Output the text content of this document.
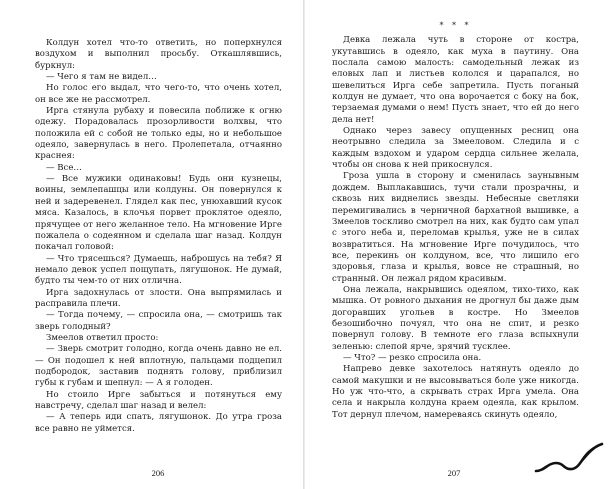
Колдун хотел что-то ответить, но поперхнулся воздухом и выполнил просьбу. Откашлявшись, буркнул:

— Чего я там не видел…

Но голос его выдал, что чего-то, что очень хотел, он все же не рассмотрел.

Ирга стянула рубаху и повесила поближе к огню одежу. Порадовалась прозорливости волхвы, что положила ей с собой не только еды, но и небольшое одеяло, завернулась в него. Пролепетала, отчаянно краснея:

— Все…

— Все мужики одинаковы! Будь они кузнецы, воины, землепашцы или колдуны. Он повернулся к ней и задеревенел. Глядел как пес, унюхавший кусок мяса. Казалось, в клочья порвет проклятое одеяло, прячущее от него желанное тело. На мгновение Ирге пожалела о содеянном и сделала шаг назад. Колдун покачал головой:

— Что трясешься? Думаешь, наброшусь на тебя? Я немало девок успел пощупать, лягушонок. Не думай, будто ты чем-то от них отлична.

Ирга задохнулась от злости. Она выпрямилась и расправила плечи.

— Тогда почему, — спросила она, — смотришь так зверь голодный?

Змеелов ответил просто:

— Зверь смотрит голодно, когда очень давно не ел. — Он подошел к ней вплотную, пальцами подцепил подбородок, заставив поднять голову, приблизил губы к губам и шепнул: — А я голоден.

Но стоило Ирге забыться и потянуться ему навстречу, сделал шаг назад и велел:

— А теперь иди спать, лягушонок. До утра гроза все равно не уймется.

* * *

Девка лежала чуть в стороне от костра, укутавшись в одеяло, как муха в паутину. Она послала самою малость: самодельный лежак из еловых лап и листьев кололся и царапался, но шевелиться Ирга себе запретила. Пусть поганый колдун не думает, что она ворочается с боку на бок, терзаемая думами о нем! Пусть знает, что ей до него дела нет!

Однако через завесу опущенных ресниц она неотрывно следила за Змееловом. Следила и с каждым вздохом и ударом сердца сильнее желала, чтобы он снова к ней прикоснулся.

Гроза ушла в сторону и сменилась заунывным дождем. Выплакавшись, тучи стали прозрачны, и сквозь них виднелись звезды. Небесные светляки перемигивались в черничной бархатной вышивке, а Змеелов тоскливо смотрел на них, как будто сам упал с этого неба и, переломав крылья, уже не в силах возвратиться. На мгновение Ирге почудилось, что все, перекинь он колдуном, все, что лишило его здоровья, глаза и крылья, вовсе не страшный, но странный. Он лежал рядом красивым.

Она лежала, накрывшись одеялом, тихо-тихо, как мышка. От ровного дыхания не дрогнул бы даже дым догоравших угольев в костре. Но Змеелов безошибочно почуял, что она не спит, и резко повернул голову. В темноте его глаза вспыхнули зеленью: слепой ярче, зрячий тусклее.

— Что? — резко спросила она.

Напрево девке захотелось натянуть одеяло до самой макушки и не высовываться боле уже никогда. Но уж что-что, а скрывать страх Ирга умела. Она села и накрыла колдуна краем одеяла, как крылом. Тот дернул плечом, намереваясь скинуть одеяло,

206	207
